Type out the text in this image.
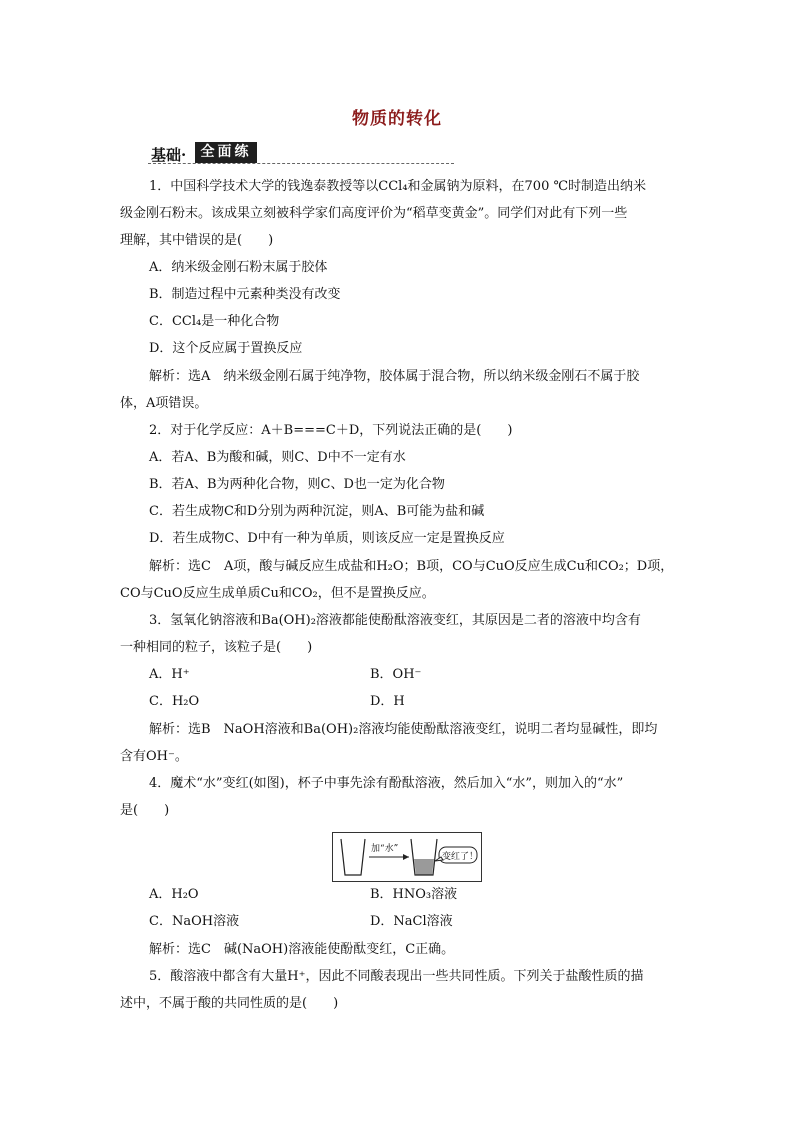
物质的转化
基础·	全面练
1．中国科学技术大学的钱逸泰教授等以CCl₄和金属钠为原料，在700 ℃时制造出纳米
级金刚石粉末。该成果立刻被科学家们高度评价为“稻草变黄金”。同学们对此有下列一些
理解，其中错误的是(　　)
A．纳米级金刚石粉末属于胶体
B．制造过程中元素种类没有改变
C．CCl₄是一种化合物
D．这个反应属于置换反应
解析：选A　纳米级金刚石属于纯净物，胶体属于混合物，所以纳米级金刚石不属于胶
体，A项错误。
2．对于化学反应：A＋B===C＋D，下列说法正确的是(　　)
A．若A、B为酸和碱，则C、D中不一定有水
B．若A、B为两种化合物，则C、D也一定为化合物
C．若生成物C和D分别为两种沉淀，则A、B可能为盐和碱
D．若生成物C、D中有一种为单质，则该反应一定是置换反应
解析：选C　A项，酸与碱反应生成盐和H₂O；B项，CO与CuO反应生成Cu和CO₂；D项，
CO与CuO反应生成单质Cu和CO₂，但不是置换反应。
3．氢氧化钠溶液和Ba(OH)₂溶液都能使酚酞溶液变红，其原因是二者的溶液中均含有
一种相同的粒子，该粒子是(　　)
A．H⁺	B．OH⁻
C．H₂O	D．H
解析：选B　NaOH溶液和Ba(OH)₂溶液均能使酚酞溶液变红，说明二者均显碱性，即均
含有OH⁻。
4．魔术“水”变红(如图)，杯子中事先涂有酚酞溶液，然后加入“水”，则加入的“水”
是(　　)
加“水”
变红了！
A．H₂O	B．HNO₃溶液
C．NaOH溶液	D．NaCl溶液
解析：选C　碱(NaOH)溶液能使酚酞变红，C正确。
5．酸溶液中都含有大量H⁺，因此不同酸表现出一些共同性质。下列关于盐酸性质的描
述中，不属于酸的共同性质的是(　　)
